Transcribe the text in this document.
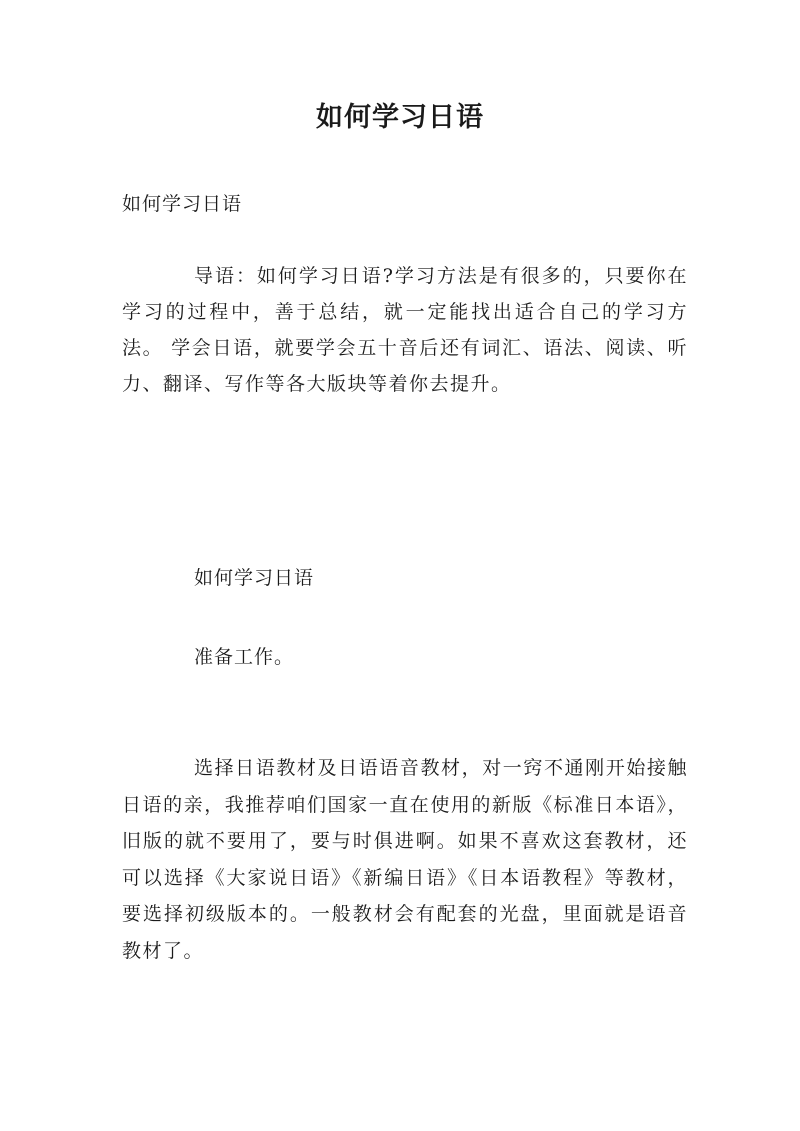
如何学习日语
如何学习日语

导语：如何学习日语?学习方法是有很多的，只要你在学习的过程中，善于总结，就一定能找出适合自己的学习方法。 学会日语，就要学会五十音后还有词汇、语法、阅读、听力、翻译、写作等各大版块等着你去提升。

如何学习日语
准备工作。

选择日语教材及日语语音教材，对一窍不通刚开始接触日语的亲，我推荐咱们国家一直在使用的新版《标准日本语》，旧版的就不要用了，要与时俱进啊。如果不喜欢这套教材，还可以选择《大家说日语》《新编日语》《日本语教程》等教材，要选择初级版本的。一般教材会有配套的光盘，里面就是语音教材了。
